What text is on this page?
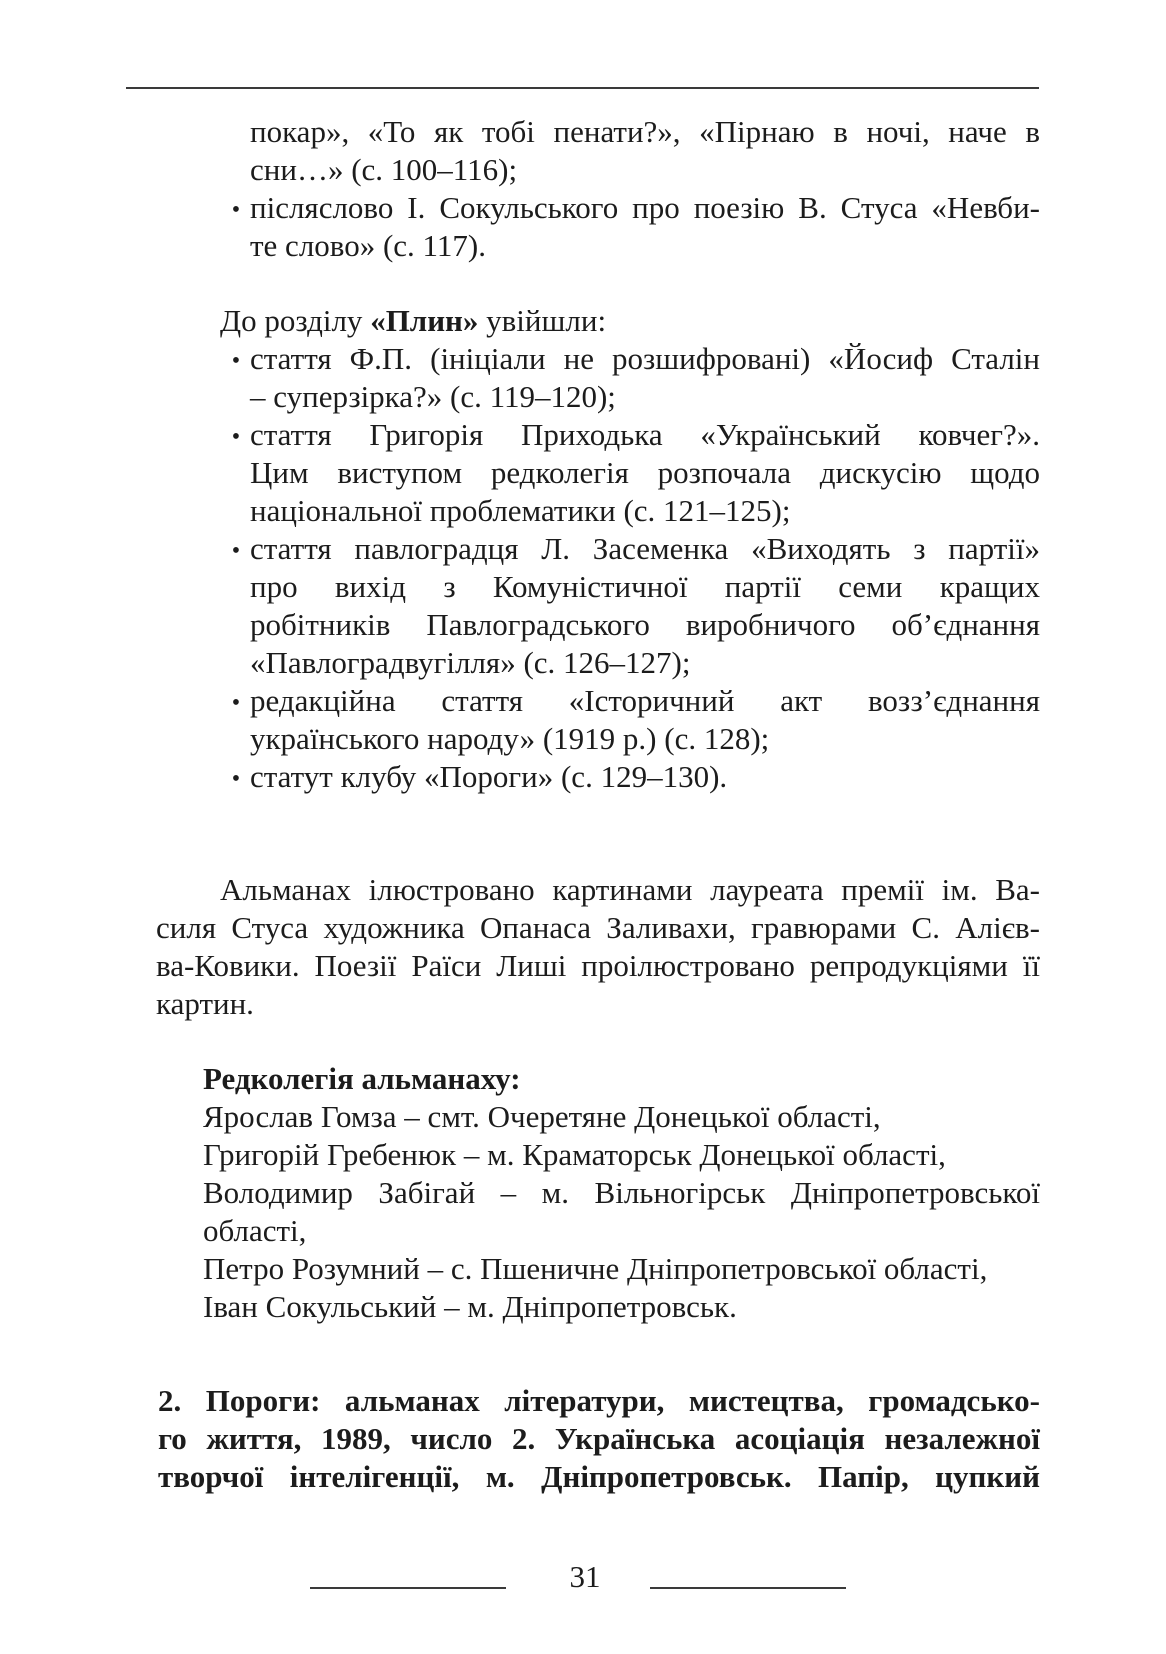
покар», «То як тобі пенати?», «Пірнаю в ночі, наче в
сни…» (с. 100–116);
• післяслово І. Сокульського про поезію В. Стуса «Невби-
те слово» (с. 117).
До розділу «Плин» увійшли:
• стаття Ф.П. (ініціали не розшифровані) «Йосиф Сталін
– суперзірка?» (с. 119–120);
• стаття Григорія Приходька «Український ковчег?».
Цим виступом редколегія розпочала дискусію щодо
національної проблематики (с. 121–125);
• стаття павлоградця Л. Засеменка «Виходять з партії»
про вихід з Комуністичної партії семи кращих
робітників Павлоградського виробничого об’єднання
«Павлоградвугілля» (с. 126–127);
• редакційна стаття «Історичний акт возз’єднання
українського народу» (1919 р.) (с. 128);
• статут клубу «Пороги» (с. 129–130).
Альманах ілюстровано картинами лауреата премії ім. Ва-
силя Стуса художника Опанаса Заливахи, гравюрами С. Алієв-
ва-Ковики. Поезії Раїси Лиші проілюстровано репродукціями її
картин.
Редколегія альманаху:
Ярослав Гомза – смт. Очеретяне Донецької області,
Григорій Гребенюк – м. Краматорськ Донецької області,
Володимир Забігай – м. Вільногірськ Дніпропетровської
області,
Петро Розумний – с. Пшеничне Дніпропетровської області,
Іван Сокульський – м. Дніпропетровськ.
2. Пороги: альманах літератури, мистецтва, громадсько-
го життя, 1989, число 2. Українська асоціація незалежної
творчої інтелігенції, м. Дніпропетровськ. Папір, цупкий
31
